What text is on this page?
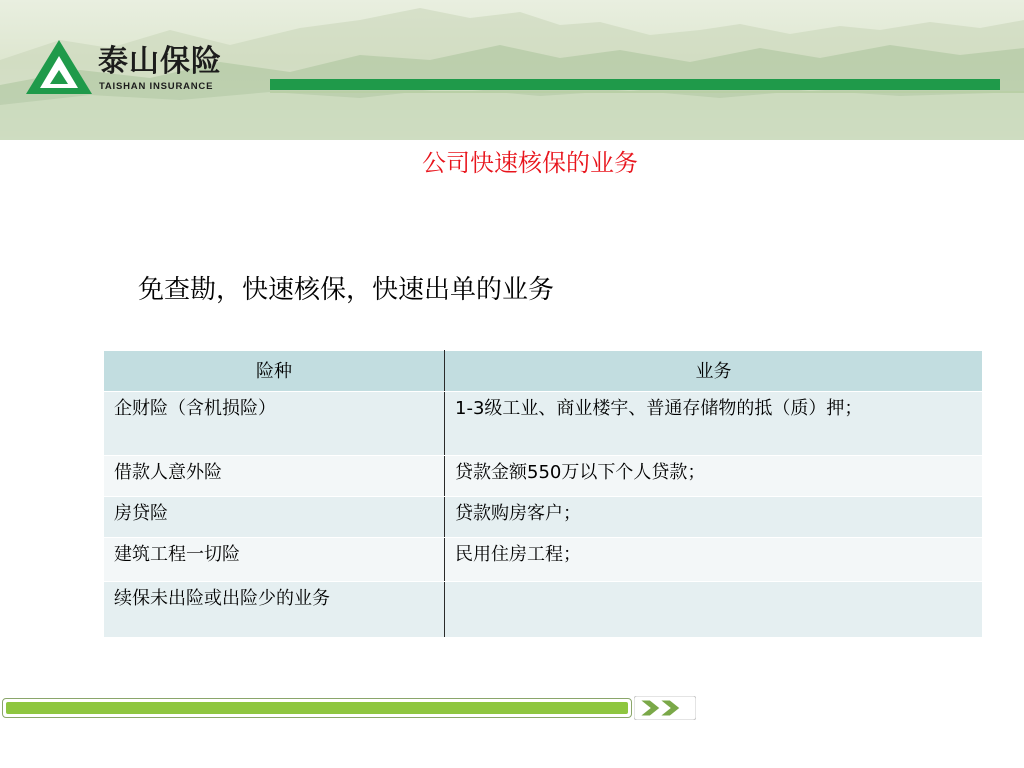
泰山保险
TAISHAN INSURANCE
公司快速核保的业务
免查勘，快速核保，快速出单的业务
险种	业务
企财险（含机损险）	1-3级工业、商业楼宇、普通存储物的抵（质）押；
借款人意外险	贷款金额550万以下个人贷款；
房贷险	贷款购房客户；
建筑工程一切险	民用住房工程；
续保未出险或出险少的业务	
